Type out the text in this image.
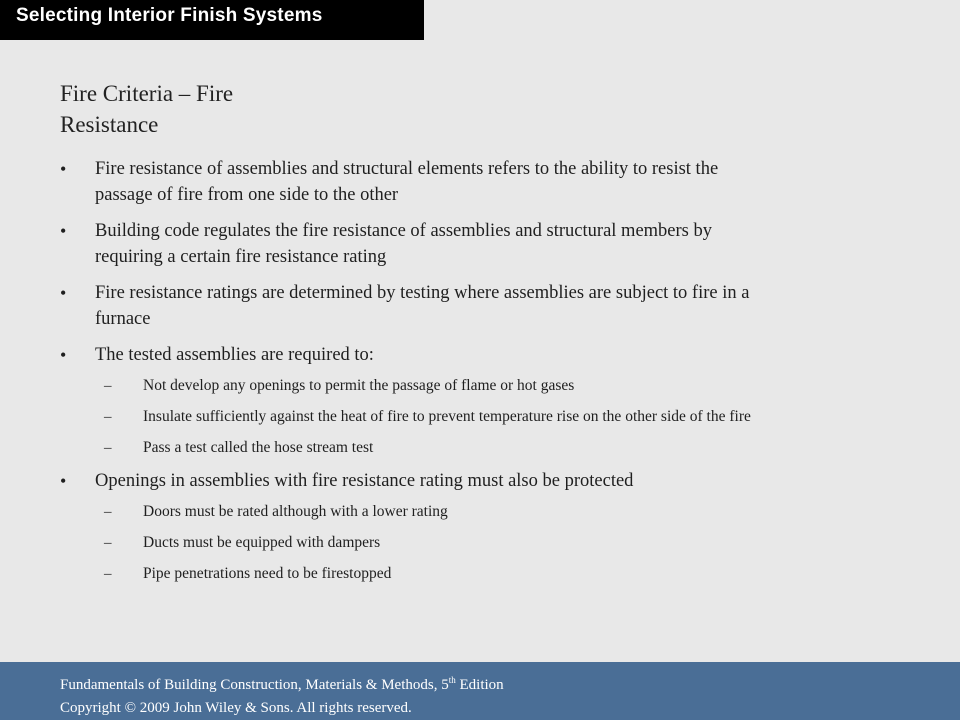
Selecting Interior Finish Systems
Fire Criteria – Fire
Resistance
• Fire resistance of assemblies and structural elements refers to the ability to resist the passage of fire from one side to the other
• Building code regulates the fire resistance of assemblies and structural members by requiring a certain fire resistance rating
• Fire resistance ratings are determined by testing where assemblies are subject to fire in a furnace
• The tested assemblies are required to:
– Not develop any openings to permit the passage of flame or hot gases
– Insulate sufficiently against the heat of fire to prevent temperature rise on the other side of the fire
– Pass a test called the hose stream test
• Openings in assemblies with fire resistance rating must also be protected
– Doors must be rated although with a lower rating
– Ducts must be equipped with dampers
– Pipe penetrations need to be firestopped
Fundamentals of Building Construction, Materials & Methods, 5th Edition
Copyright © 2009 John Wiley & Sons. All rights reserved.
